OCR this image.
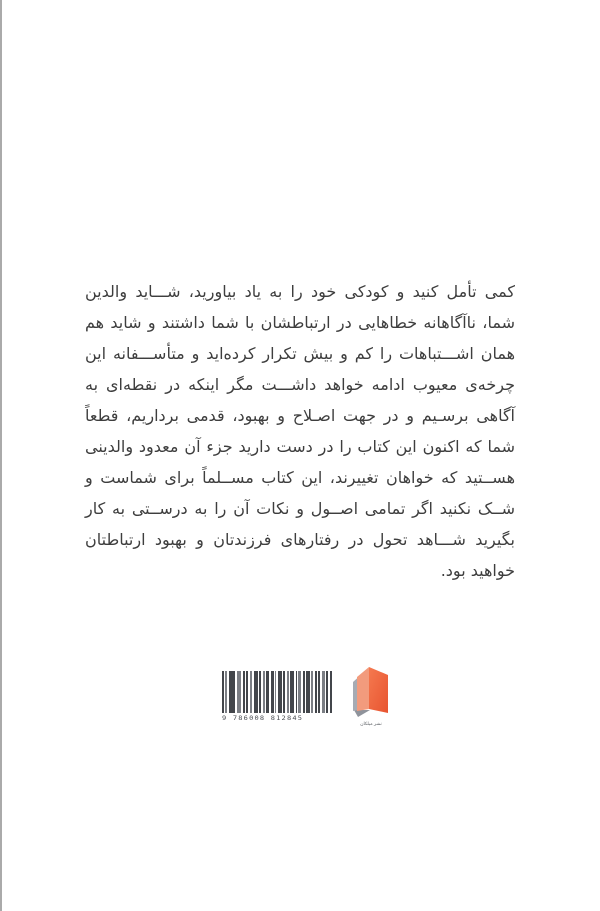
کمی تأمل کنید و کودکی خود را به یاد بیاورید، شـــاید والدین
شما، ناآگاهانه خطاهایی در ارتباطشان با شما داشتند و شاید هم
همان اشـــتباهات را کم و بیش تکرار کرده‌اید و متأســـفانه این
چرخه‌ی معیوب ادامه خواهد داشـــت مگر اینکه در نقطه‌ای به
آگاهی برسـیم و در جهت اصـلاح و بهبود، قدمی برداریم، قطعاً
شما که اکنون این کتاب را در دست دارید جزء آن معدود والدینی
هســتید که خواهان تغییرند، این کتاب مســلماً برای شماست و
شــک نکنید اگر تمامی اصــول و نکات آن را به درســتی به کار
بگیرید شـــاهد تحول در رفتارهای فرزندتان و بهبود ارتباطتان
خواهید بود.
9 786008 812845
نشر میلکان
